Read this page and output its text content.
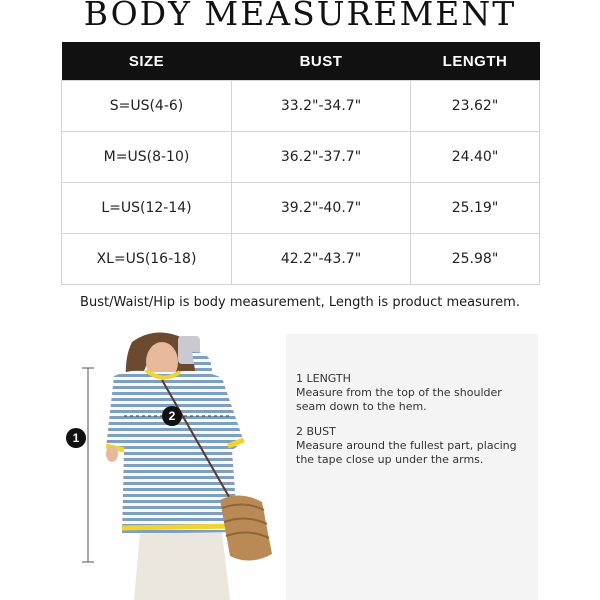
BODY MEASUREMENT
SIZE	BUST	LENGTH
S=US(4-6)	33.2"-34.7"	23.62"
M=US(8-10)	36.2"-37.7"	24.40"
L=US(12-14)	39.2"-40.7"	25.19"
XL=US(16-18)	42.2"-43.7"	25.98"
Bust/Waist/Hip is body measurement, Length is product measurem.
1
2
1 LENGTH
Measure from the top of the shoulder seam down to the hem.
2 BUST
Measure around the fullest part, placing the tape close up under the arms.
